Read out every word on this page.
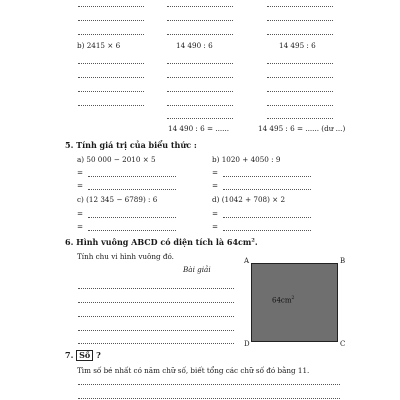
b) 2415 × 6	14 490 : 6	14 495 : 6
14 490 : 6 = ......	14 495 : 6 = ...... (dư ...)
5. Tính giá trị của biểu thức :
a) 50 000 − 2010 × 5	b) 1020 + 4050 : 9
=	=
=	=
c) (12 345 − 6789) : 6	d) (1042 + 708) × 2
=	=
=	=
6. Hình vuông ABCD có diện tích là $64cm^2$.
Tính chu vi hình vuông đó.
Bài giải
$64cm^2$
A	B
C
D
7. Số ?
Tìm số bé nhất có năm chữ số, biết tổng các chữ số đó bằng 11.
